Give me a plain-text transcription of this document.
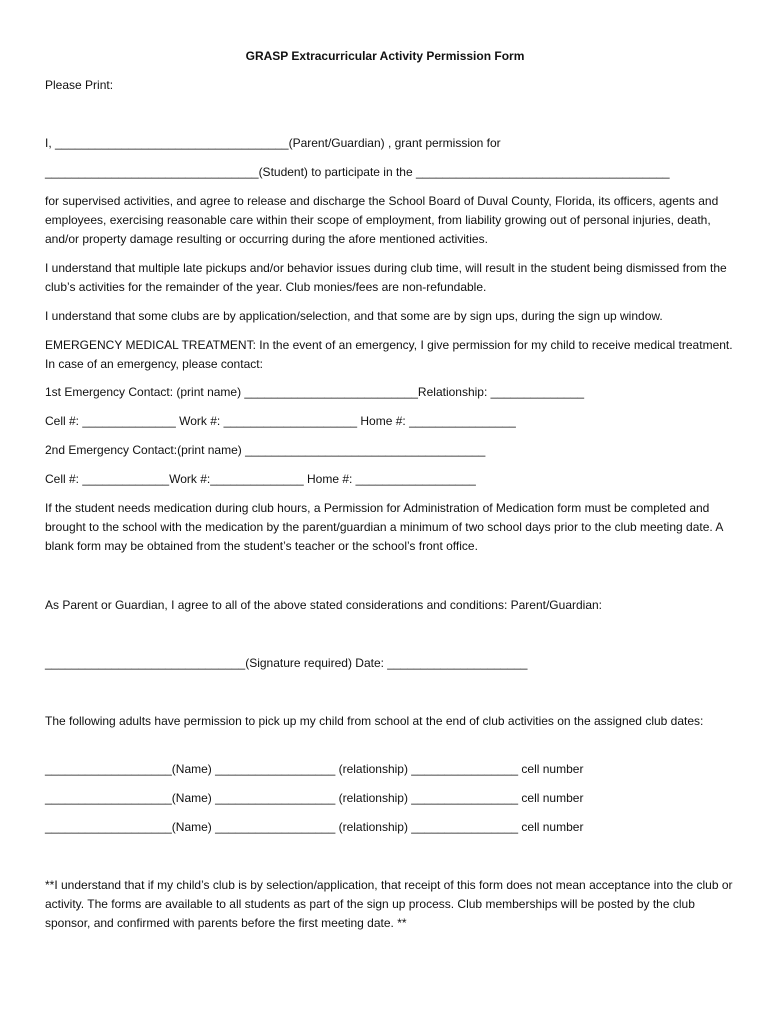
GRASP Extracurricular Activity Permission Form
Please Print:
I, ___________________________________(Parent/Guardian) , grant permission for
________________________________(Student) to participate in the ______________________________________
for supervised activities, and agree to release and discharge the School Board of Duval County, Florida, its officers, agents and employees, exercising reasonable care within their scope of employment, from liability growing out of personal injuries, death, and/or property damage resulting or occurring during the afore mentioned activities.
I understand that multiple late pickups and/or behavior issues during club time, will result in the student being dismissed from the club’s activities for the remainder of the year. Club monies/fees are non-refundable.
I understand that some clubs are by application/selection, and that some are by sign ups, during the sign up window.
EMERGENCY MEDICAL TREATMENT: In the event of an emergency, I give permission for my child to receive medical treatment. In case of an emergency, please contact:
1st Emergency Contact: (print name) __________________________Relationship: ______________
Cell #: ______________ Work #: ____________________ Home #: ________________
2nd Emergency Contact:(print name) ____________________________________
Cell #: _____________Work #:______________ Home #: __________________
If the student needs medication during club hours, a Permission for Administration of Medication form must be completed and brought to the school with the medication by the parent/guardian a minimum of two school days prior to the club meeting date. A blank form may be obtained from the student’s teacher or the school’s front office.
As Parent or Guardian, I agree to all of the above stated considerations and conditions: Parent/Guardian:
______________________________(Signature required) Date: _____________________
The following adults have permission to pick up my child from school at the end of club activities on the assigned club dates:
___________________(Name) __________________ (relationship) ________________ cell number
___________________(Name) __________________ (relationship) ________________ cell number
___________________(Name) __________________ (relationship) ________________ cell number
**I understand that if my child’s club is by selection/application, that receipt of this form does not mean acceptance into the club or activity. The forms are available to all students as part of the sign up process. Club memberships will be posted by the club sponsor, and confirmed with parents before the first meeting date. **
